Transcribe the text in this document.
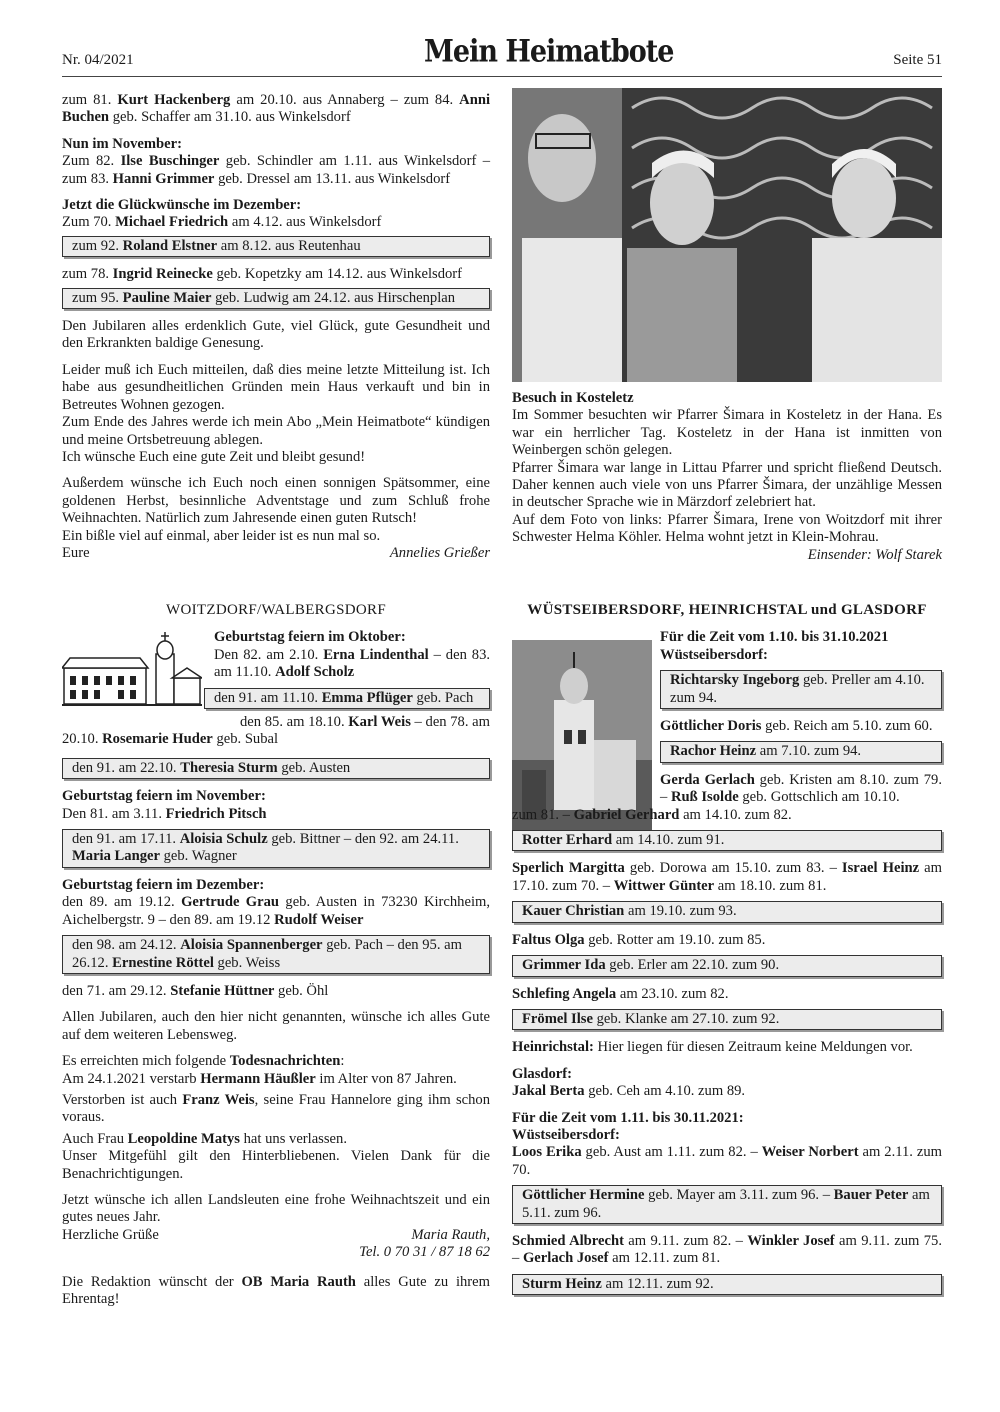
Nr. 04/2021	Mein Heimatbote	Seite 51

zum 81. Kurt Hackenberg am 20.10. aus Annaberg – zum 84. Anni Buchen geb. Schaffer am 31.10. aus Winkelsdorf

Nun im November:

Zum 82. Ilse Buschinger geb. Schindler am 1.11. aus Winkelsdorf – zum 83. Hanni Grimmer geb. Dressel am 13.11. aus Winkelsdorf

Jetzt die Glückwünsche im Dezember:

Zum 70. Michael Friedrich am 4.12. aus Winkelsdorf

zum 92. Roland Elstner am 8.12. aus Reutenhau

zum 78. Ingrid Reinecke geb. Kopetzky am 14.12. aus Winkelsdorf

zum 95. Pauline Maier geb. Ludwig am 24.12. aus Hirschenplan

Den Jubilaren alles erdenklich Gute, viel Glück, gute Gesundheit und den Erkrankten baldige Genesung.

Leider muß ich Euch mitteilen, daß dies meine letzte Mitteilung ist. Ich habe aus gesundheitlichen Gründen mein Haus verkauft und bin in Betreutes Wohnen gezogen.

Zum Ende des Jahres werde ich mein Abo „Mein Heimatbote“ kündigen und meine Ortsbetreuung ablegen.

Ich wünsche Euch eine gute Zeit und bleibt gesund!

Außerdem wünsche ich Euch noch einen sonnigen Spätsommer, eine goldenen Herbst, besinnliche Adventstage und zum Schluß frohe Weihnachten. Natürlich zum Jahresende einen guten Rutsch!

Ein bißle viel auf einmal, aber leider ist es nun mal so.

Eure	Annelies Grießer
WOITZDORF/WALBERGSDORF

Geburtstag feiern im Oktober:

Den 82. am 2.10. Erna Lindenthal – den 83. am 11.10. Adolf Scholz

den 91. am 11.10. Emma Pflüger geb. Pach

den 85. am 18.10. Karl Weis – den 78. am 20.10. Rosemarie Huder geb. Subal

den 91. am 22.10. Theresia Sturm geb. Austen

Geburtstag feiern im November:

Den 81. am 3.11. Friedrich Pitsch

den 91. am 17.11. Aloisia Schulz geb. Bittner – den 92. am 24.11. Maria Langer geb. Wagner

Geburtstag feiern im Dezember:

den 89. am 19.12. Gertrude Grau geb. Austen in 73230 Kirchheim, Aichelbergstr. 9 – den 89. am 19.12 Rudolf Weiser

den 98. am 24.12. Aloisia Spannenberger geb. Pach – den 95. am 26.12. Ernestine Röttel geb. Weiss

den 71. am 29.12. Stefanie Hüttner geb. Öhl

Allen Jubilaren, auch den hier nicht genannten, wünsche ich alles Gute auf dem weiteren Lebensweg.

Es erreichten mich folgende Todesnachrichten:

Am 24.1.2021 verstarb Hermann Häußler im Alter von 87 Jahren.

Verstorben ist auch Franz Weis, seine Frau Hannelore ging ihm schon voraus.

Auch Frau Leopoldine Matys hat uns verlassen.

Unser Mitgefühl gilt den Hinterbliebenen. Vielen Dank für die Benachrichtigungen.

Jetzt wünsche ich allen Landsleuten eine frohe Weihnachtszeit und ein gutes neues Jahr.

Herzliche Grüße	Maria Rauth,
Tel. 0 70 31 / 87 18 62

Die Redaktion wünscht der OB Maria Rauth alles Gute zu ihrem Ehrentag!

Besuch in Kosteletz

Im Sommer besuchten wir Pfarrer Šimara in Kosteletz in der Hana. Es war ein herrlicher Tag. Kosteletz in der Hana ist inmitten von Weinbergen schön gelegen.

Pfarrer Šimara war lange in Littau Pfarrer und spricht fließend Deutsch. Daher kennen auch viele von uns Pfarrer Šimara, der unzählige Messen in deutscher Sprache wie in Märzdorf zelebriert hat.

Auf dem Foto von links: Pfarrer Šimara, Irene von Woitzdorf mit ihrer Schwester Helma Köhler. Helma wohnt jetzt in Klein-Mohrau.

Einsender: Wolf Starek
WÜSTSEIBERSDORF, HEINRICHSTAL und GLASDORF

Für die Zeit vom 1.10. bis 31.10.2021

Wüstseibersdorf:

Richtarsky Ingeborg geb. Preller am 4.10. zum 94.

Göttlicher Doris geb. Reich am 5.10. zum 60.

Rachor Heinz am 7.10. zum 94.

Gerda Gerlach geb. Kristen am 8.10. zum 79. – Ruß Isolde geb. Gottschlich am 10.10.

zum 81. – Gabriel Gerhard am 14.10. zum 82.

Rotter Erhard am 14.10. zum 91.

Sperlich Margitta geb. Dorowa am 15.10. zum 83. – Israel Heinz am 17.10. zum 70. – Wittwer Günter am 18.10. zum 81.

Kauer Christian am 19.10. zum 93.

Faltus Olga geb. Rotter am 19.10. zum 85.

Grimmer Ida geb. Erler am 22.10. zum 90.

Schlefing Angela am 23.10. zum 82.

Frömel Ilse geb. Klanke am 27.10. zum 92.

Heinrichstal: Hier liegen für diesen Zeitraum keine Meldungen vor.

Glasdorf:

Jakal Berta geb. Ceh am 4.10. zum 89.

Für die Zeit vom 1.11. bis 30.11.2021:

Wüstseibersdorf:

Loos Erika geb. Aust am 1.11. zum 82. – Weiser Norbert am 2.11. zum 70.

Göttlicher Hermine geb. Mayer am 3.11. zum 96. – Bauer Peter am 5.11. zum 96.

Schmied Albrecht am 9.11. zum 82. – Winkler Josef am 9.11. zum 75. – Gerlach Josef am 12.11. zum 81.

Sturm Heinz am 12.11. zum 92.
